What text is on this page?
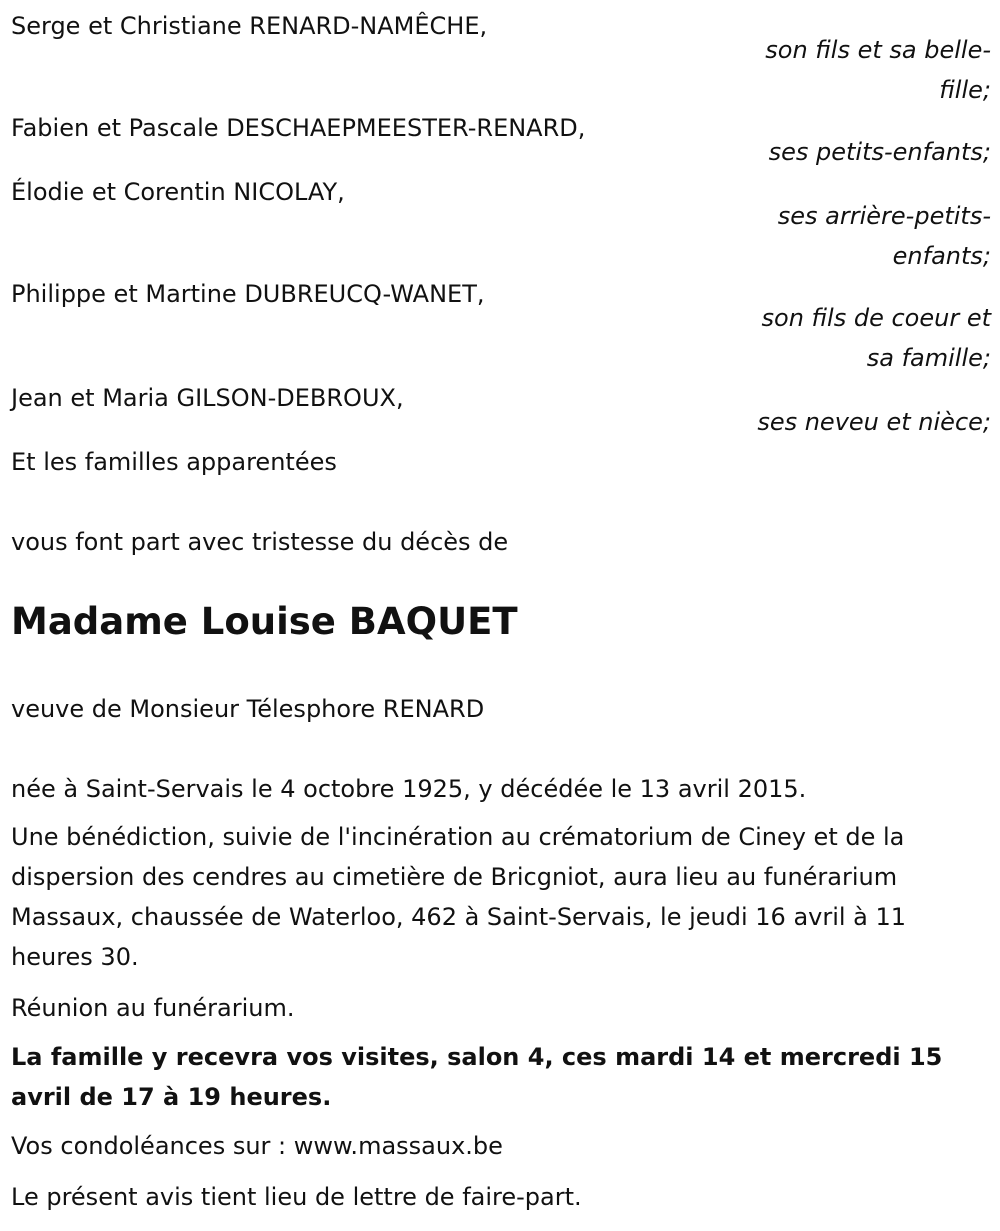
Serge et Christiane RENARD-NAMÊCHE,
son fils et sa belle-fille;
Fabien et Pascale DESCHAEPMEESTER-RENARD,
ses petits-enfants;
Élodie et Corentin NICOLAY,
ses arrière-petits-enfants;
Philippe et Martine DUBREUCQ-WANET,
son fils de coeur et sa famille;
Jean et Maria GILSON-DEBROUX,
ses neveu et nièce;
Et les familles apparentées
vous font part avec tristesse du décès de
Madame Louise BAQUET
veuve de Monsieur Télesphore RENARD
née à Saint-Servais le 4 octobre 1925, y décédée le 13 avril 2015.
Une bénédiction, suivie de l'incinération au crématorium de Ciney et de la dispersion des cendres au cimetière de Bricgniot, aura lieu au funérarium Massaux, chaussée de Waterloo, 462 à Saint-Servais, le jeudi 16 avril à 11 heures 30.
Réunion au funérarium.
La famille y recevra vos visites, salon 4, ces mardi 14 et mercredi 15 avril de 17 à 19 heures.
Vos condoléances sur : www.massaux.be
Le présent avis tient lieu de lettre de faire-part.
